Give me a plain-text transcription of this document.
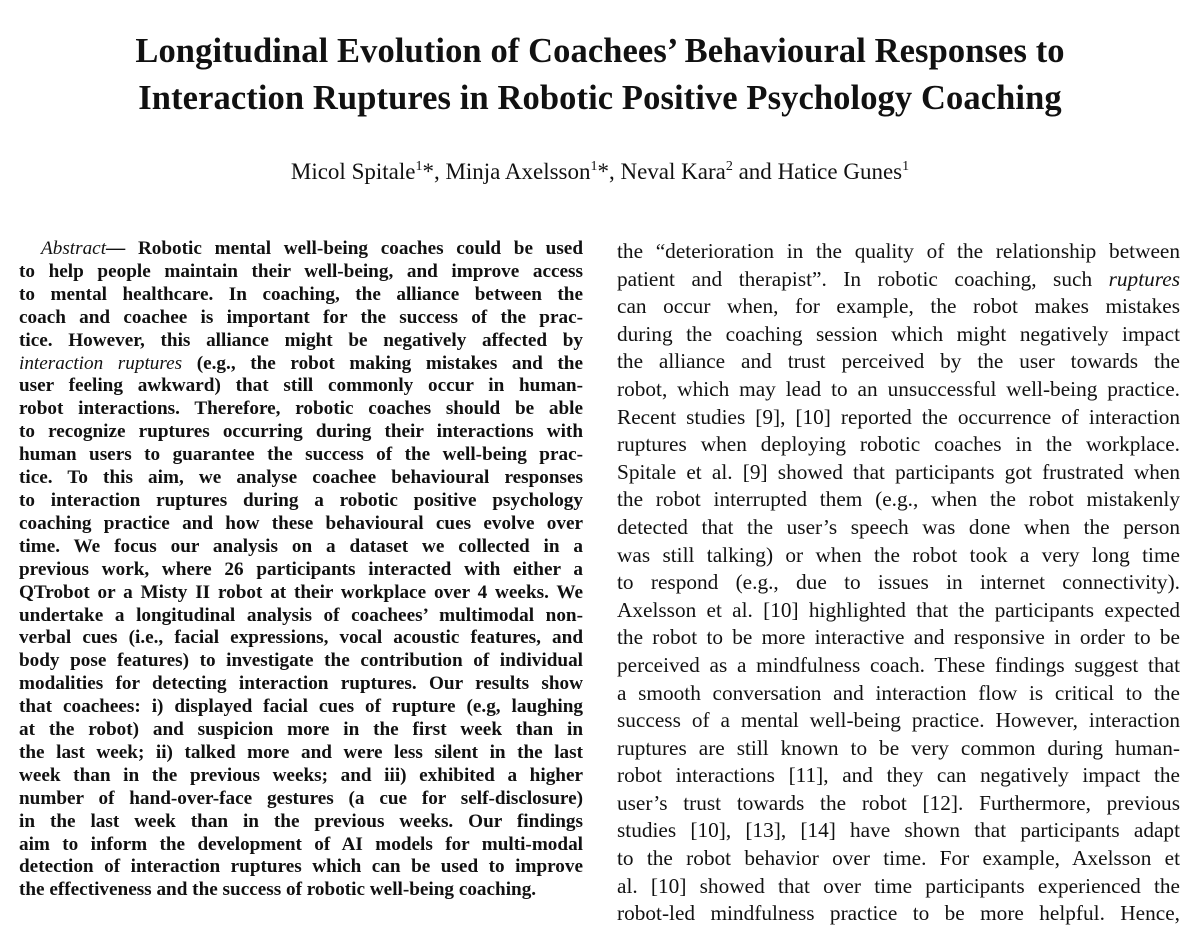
Longitudinal Evolution of Coachees’ Behavioural Responses to
Interaction Ruptures in Robotic Positive Psychology Coaching
Micol Spitale$^1$*, Minja Axelsson$^1$*, Neval Kara$^2$ and Hatice Gunes$^1$
Abstract— Robotic mental well-being coaches could be used
to help people maintain their well-being, and improve access
to mental healthcare. In coaching, the alliance between the
coach and coachee is important for the success of the prac-
tice. However, this alliance might be negatively affected by
interaction ruptures (e.g., the robot making mistakes and the
user feeling awkward) that still commonly occur in human-
robot interactions. Therefore, robotic coaches should be able
to recognize ruptures occurring during their interactions with
human users to guarantee the success of the well-being prac-
tice. To this aim, we analyse coachee behavioural responses
to interaction ruptures during a robotic positive psychology
coaching practice and how these behavioural cues evolve over
time. We focus our analysis on a dataset we collected in a
previous work, where 26 participants interacted with either a
QTrobot or a Misty II robot at their workplace over 4 weeks. We
undertake a longitudinal analysis of coachees’ multimodal non-
verbal cues (i.e., facial expressions, vocal acoustic features, and
body pose features) to investigate the contribution of individual
modalities for detecting interaction ruptures. Our results show
that coachees: i) displayed facial cues of rupture (e.g, laughing
at the robot) and suspicion more in the first week than in
the last week; ii) talked more and were less silent in the last
week than in the previous weeks; and iii) exhibited a higher
number of hand-over-face gestures (a cue for self-disclosure)
in the last week than in the previous weeks. Our findings
aim to inform the development of AI models for multi-modal
detection of interaction ruptures which can be used to improve
the effectiveness and the success of robotic well-being coaching.
the “deterioration in the quality of the relationship between
patient and therapist”. In robotic coaching, such ruptures
can occur when, for example, the robot makes mistakes
during the coaching session which might negatively impact
the alliance and trust perceived by the user towards the
robot, which may lead to an unsuccessful well-being practice.
Recent studies [9], [10] reported the occurrence of interaction
ruptures when deploying robotic coaches in the workplace.
Spitale et al. [9] showed that participants got frustrated when
the robot interrupted them (e.g., when the robot mistakenly
detected that the user’s speech was done when the person
was still talking) or when the robot took a very long time
to respond (e.g., due to issues in internet connectivity).
Axelsson et al. [10] highlighted that the participants expected
the robot to be more interactive and responsive in order to be
perceived as a mindfulness coach. These findings suggest that
a smooth conversation and interaction flow is critical to the
success of a mental well-being practice. However, interaction
ruptures are still known to be very common during human-
robot interactions [11], and they can negatively impact the
user’s trust towards the robot [12]. Furthermore, previous
studies [10], [13], [14] have shown that participants adapt
to the robot behavior over time. For example, Axelsson et
al. [10] showed that over time participants experienced the
robot-led mindfulness practice to be more helpful. Hence,
